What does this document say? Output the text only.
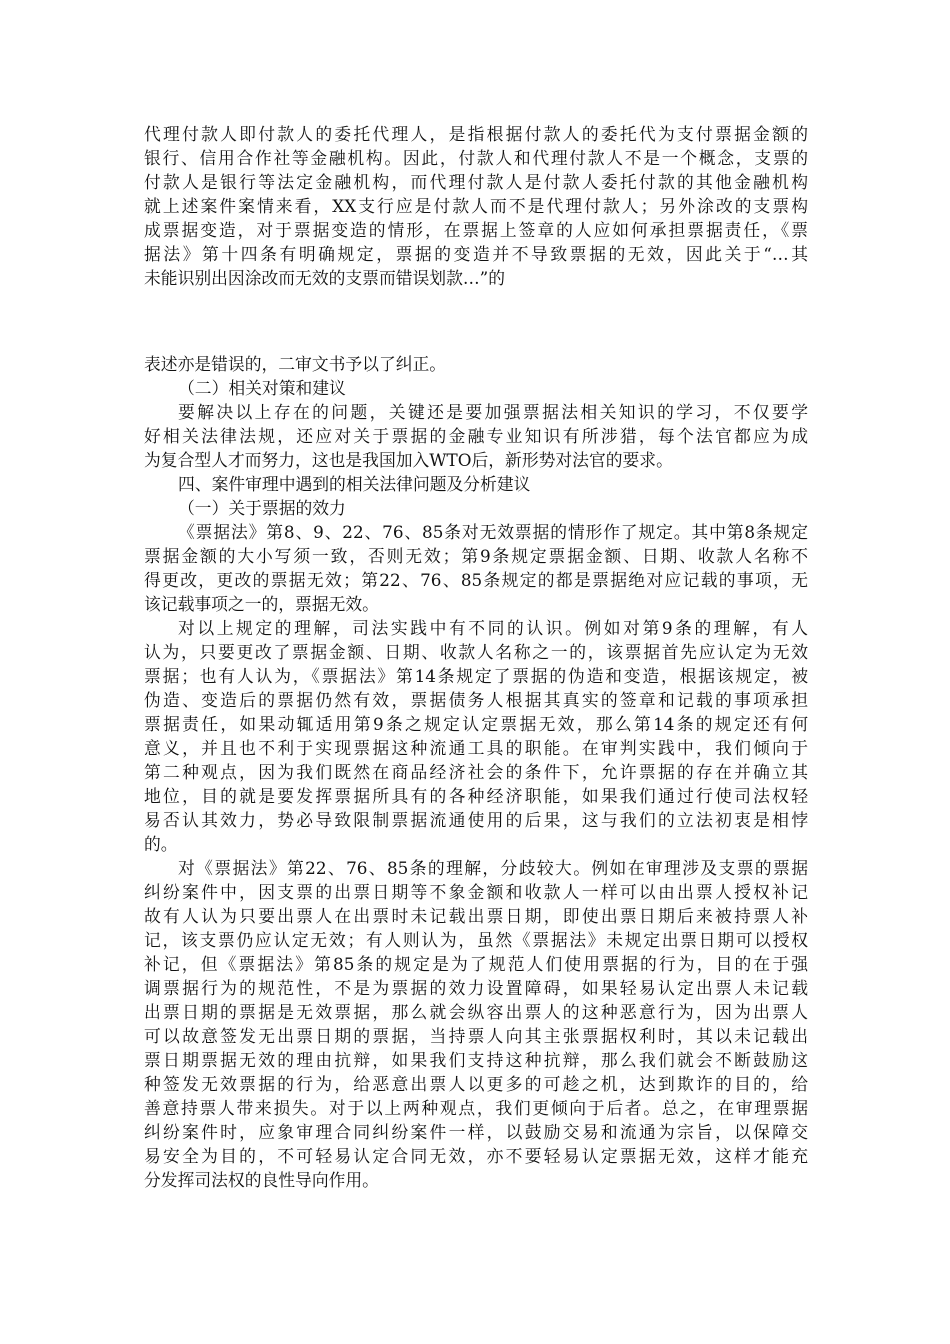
代理付款人即付款人的委托代理人，是指根据付款人的委托代为支付票据金额的
银行、信用合作社等金融机构。因此，付款人和代理付款人不是一个概念，支票的
付款人是银行等法定金融机构，而代理付款人是付款人委托付款的其他金融机构
就上述案件案情来看，XX支行应是付款人而不是代理付款人；另外涂改的支票构
成票据变造，对于票据变造的情形，在票据上签章的人应如何承担票据责任，《票
据法》第十四条有明确规定，票据的变造并不导致票据的无效，因此关于“…其
未能识别出因涂改而无效的支票而错误划款…”的
表述亦是错误的，二审文书予以了纠正。
（二）相关对策和建议
要解决以上存在的问题，关键还是要加强票据法相关知识的学习，不仅要学
好相关法律法规，还应对关于票据的金融专业知识有所涉猎，每个法官都应为成
为复合型人才而努力，这也是我国加入WTO后，新形势对法官的要求。
四、案件审理中遇到的相关法律问题及分析建议
（一）关于票据的效力
《票据法》第8、9、22、76、85条对无效票据的情形作了规定。其中第8条规定
票据金额的大小写须一致，否则无效；第9条规定票据金额、日期、收款人名称不
得更改，更改的票据无效；第22、76、85条规定的都是票据绝对应记载的事项，无
该记载事项之一的，票据无效。
对以上规定的理解，司法实践中有不同的认识。例如对第9条的理解，有人
认为，只要更改了票据金额、日期、收款人名称之一的，该票据首先应认定为无效
票据；也有人认为，《票据法》第14条规定了票据的伪造和变造，根据该规定，被
伪造、变造后的票据仍然有效，票据债务人根据其真实的签章和记载的事项承担
票据责任，如果动辄适用第9条之规定认定票据无效，那么第14条的规定还有何
意义，并且也不利于实现票据这种流通工具的职能。在审判实践中，我们倾向于
第二种观点，因为我们既然在商品经济社会的条件下，允许票据的存在并确立其
地位，目的就是要发挥票据所具有的各种经济职能，如果我们通过行使司法权轻
易否认其效力，势必导致限制票据流通使用的后果，这与我们的立法初衷是相悖
的。
对《票据法》第22、76、85条的理解，分歧较大。例如在审理涉及支票的票据
纠纷案件中，因支票的出票日期等不象金额和收款人一样可以由出票人授权补记
故有人认为只要出票人在出票时未记载出票日期，即使出票日期后来被持票人补
记，该支票仍应认定无效；有人则认为，虽然《票据法》未规定出票日期可以授权
补记，但《票据法》第85条的规定是为了规范人们使用票据的行为，目的在于强
调票据行为的规范性，不是为票据的效力设置障碍，如果轻易认定出票人未记载
出票日期的票据是无效票据，那么就会纵容出票人的这种恶意行为，因为出票人
可以故意签发无出票日期的票据，当持票人向其主张票据权利时，其以未记载出
票日期票据无效的理由抗辩，如果我们支持这种抗辩，那么我们就会不断鼓励这
种签发无效票据的行为，给恶意出票人以更多的可趁之机，达到欺诈的目的，给
善意持票人带来损失。对于以上两种观点，我们更倾向于后者。总之，在审理票据
纠纷案件时，应象审理合同纠纷案件一样，以鼓励交易和流通为宗旨，以保障交
易安全为目的，不可轻易认定合同无效，亦不要轻易认定票据无效，这样才能充
分发挥司法权的良性导向作用。
